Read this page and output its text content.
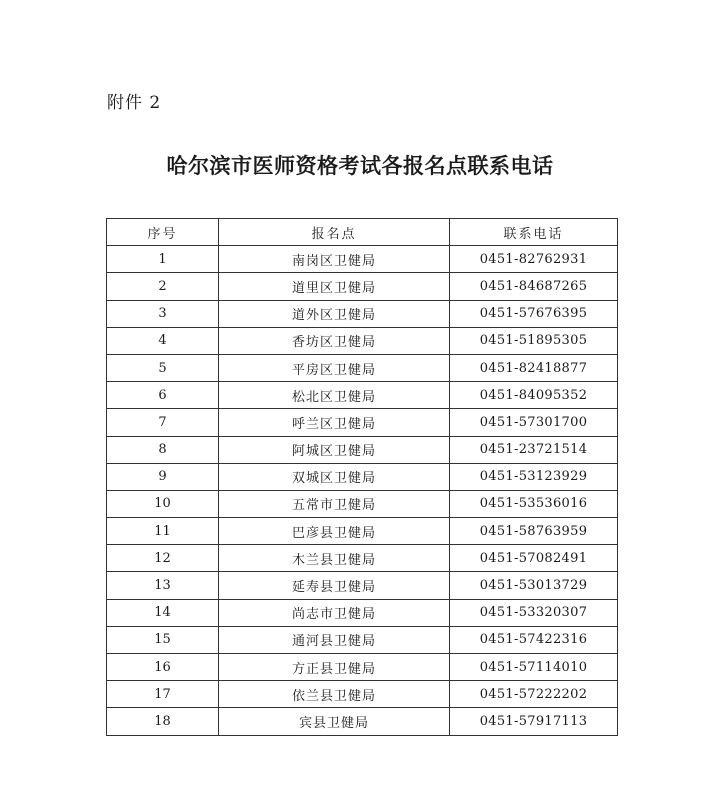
附件 2
哈尔滨市医师资格考试各报名点联系电话
序号	报名点	联系电话
1	南岗区卫健局	0451-82762931
2	道里区卫健局	0451-84687265
3	道外区卫健局	0451-57676395
4	香坊区卫健局	0451-51895305
5	平房区卫健局	0451-82418877
6	松北区卫健局	0451-84095352
7	呼兰区卫健局	0451-57301700
8	阿城区卫健局	0451-23721514
9	双城区卫健局	0451-53123929
10	五常市卫健局	0451-53536016
11	巴彦县卫健局	0451-58763959
12	木兰县卫健局	0451-57082491
13	延寿县卫健局	0451-53013729
14	尚志市卫健局	0451-53320307
15	通河县卫健局	0451-57422316
16	方正县卫健局	0451-57114010
17	依兰县卫健局	0451-57222202
18	宾县卫健局	0451-57917113
